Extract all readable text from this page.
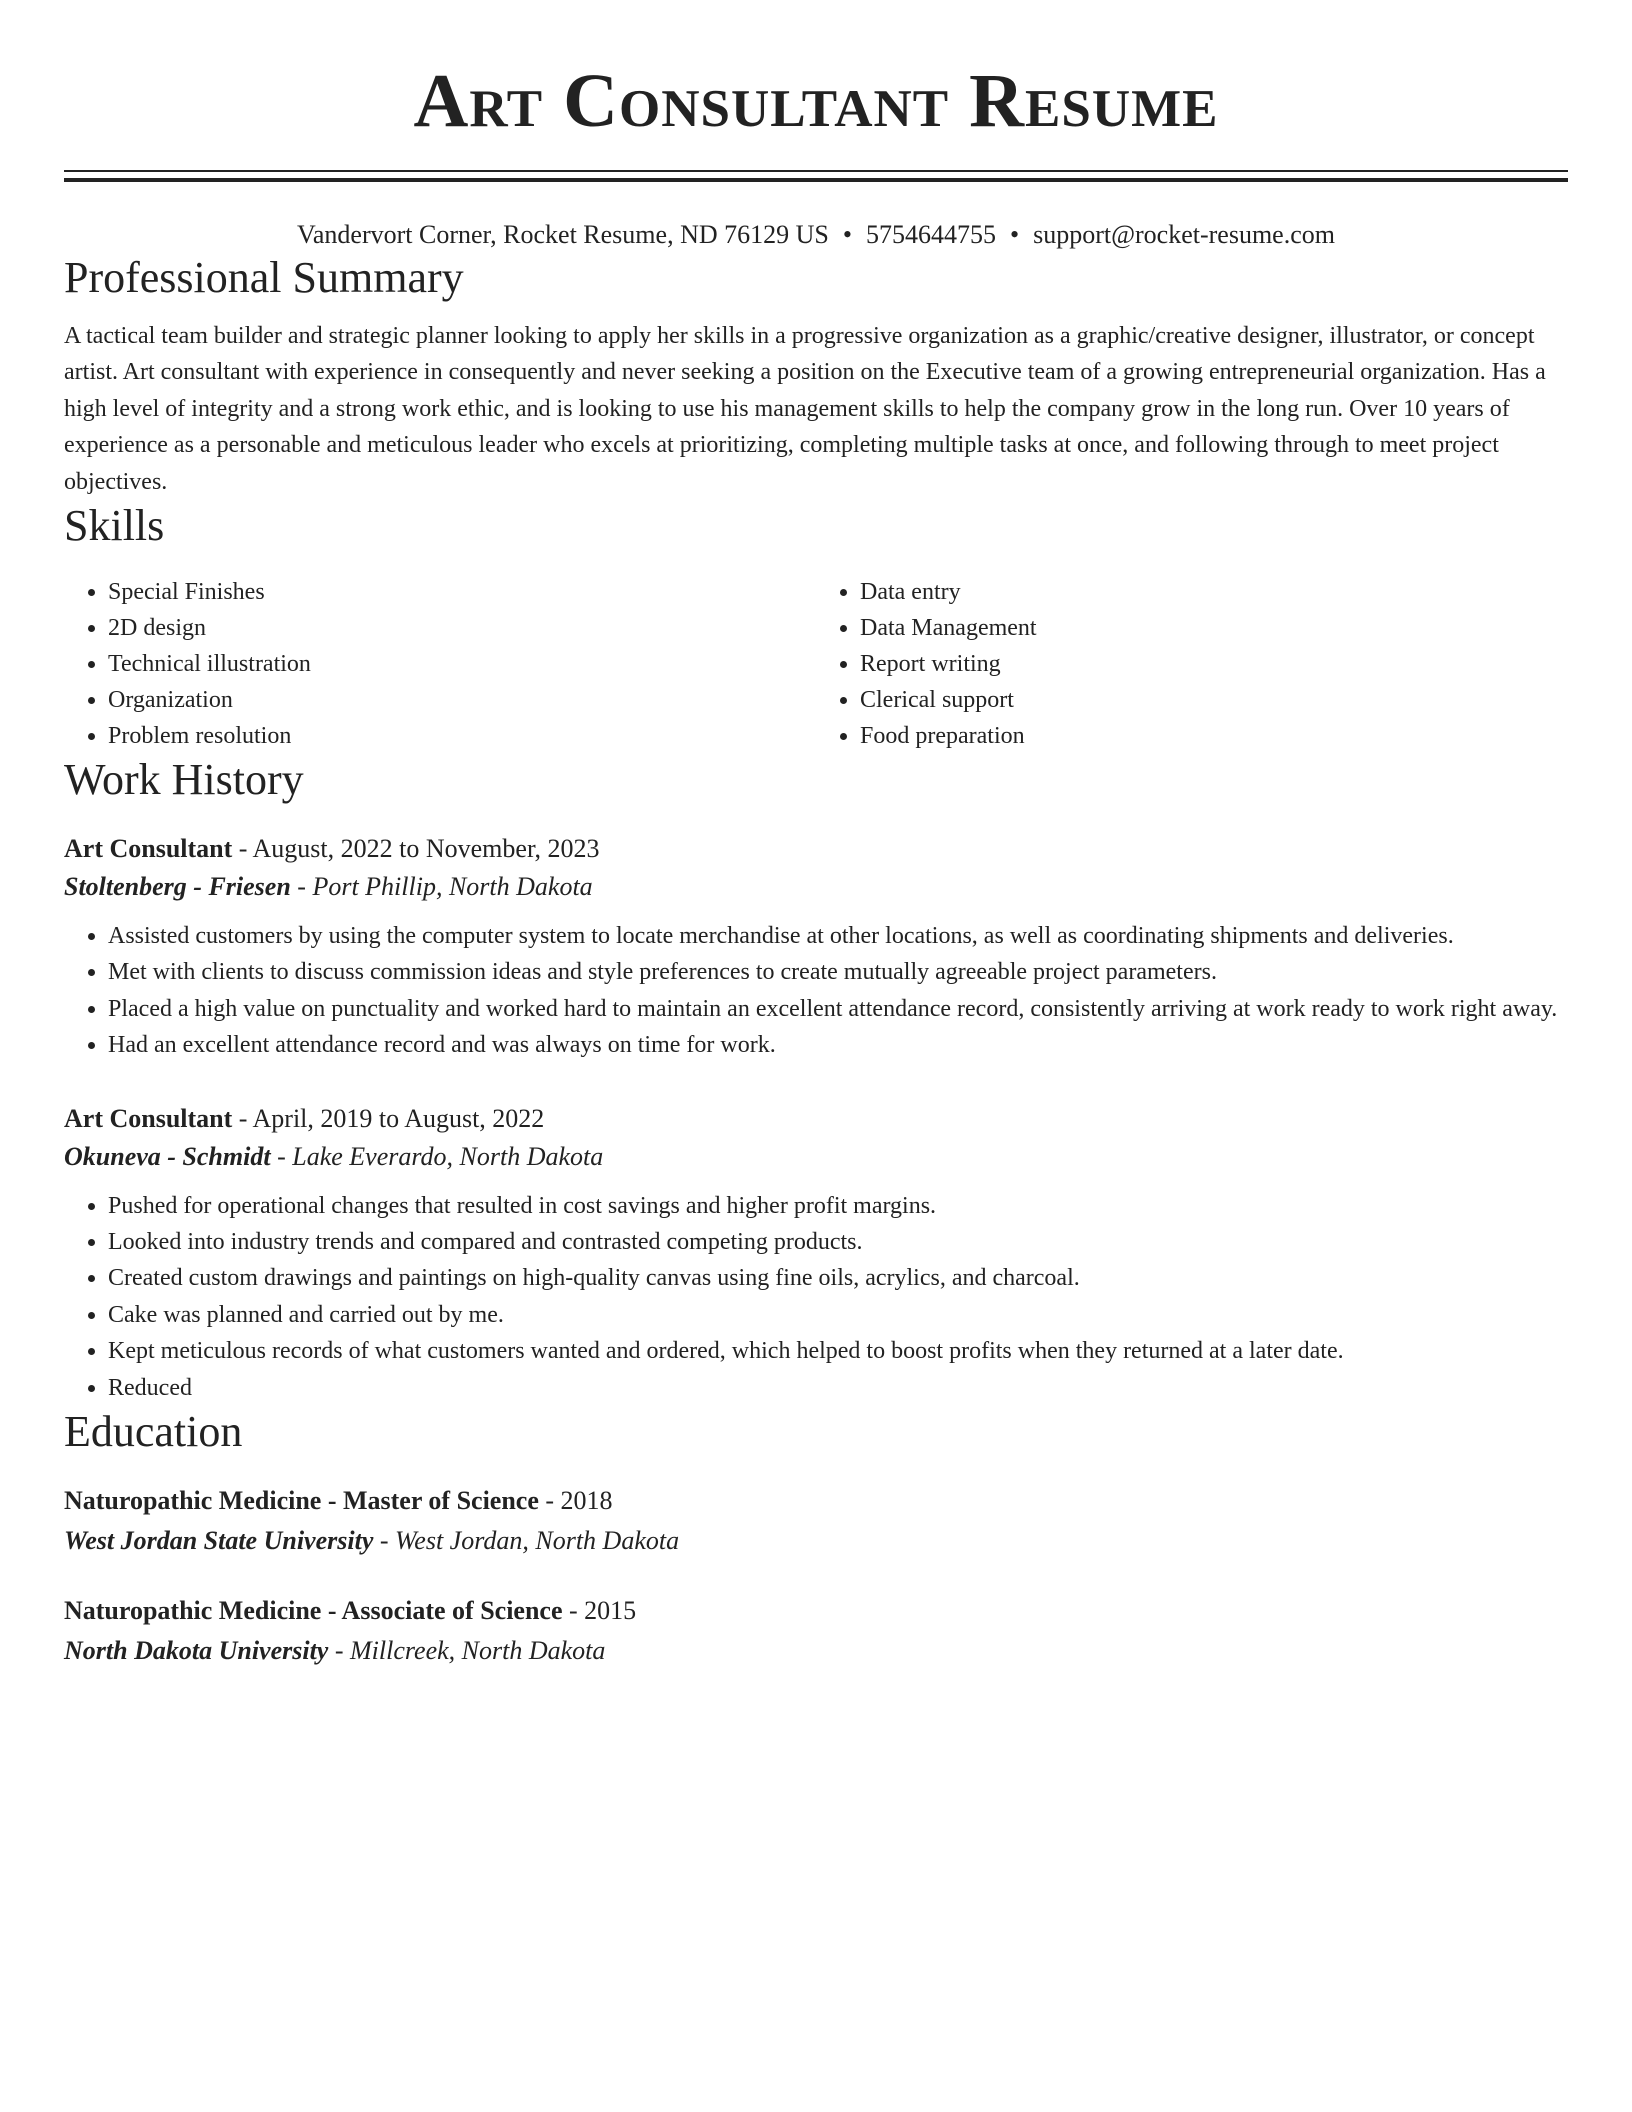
Art Consultant Resume
Vandervort Corner, Rocket Resume, ND 76129 US • 5754644755 • support@rocket-resume.com
Professional Summary
A tactical team builder and strategic planner looking to apply her skills in a progressive organization as a graphic/creative designer, illustrator, or concept artist. Art consultant with experience in consequently and never seeking a position on the Executive team of a growing entrepreneurial organization. Has a high level of integrity and a strong work ethic, and is looking to use his management skills to help the company grow in the long run. Over 10 years of experience as a personable and meticulous leader who excels at prioritizing, completing multiple tasks at once, and following through to meet project objectives.
Skills
• Special Finishes
• 2D design
• Technical illustration
• Organization
• Problem resolution
• Data entry
• Data Management
• Report writing
• Clerical support
• Food preparation
Work History
Art Consultant - August, 2022 to November, 2023
Stoltenberg - Friesen - Port Phillip, North Dakota
• Assisted customers by using the computer system to locate merchandise at other locations, as well as coordinating shipments and deliveries.
• Met with clients to discuss commission ideas and style preferences to create mutually agreeable project parameters.
• Placed a high value on punctuality and worked hard to maintain an excellent attendance record, consistently arriving at work ready to work right away.
• Had an excellent attendance record and was always on time for work.
Art Consultant - April, 2019 to August, 2022
Okuneva - Schmidt - Lake Everardo, North Dakota
• Pushed for operational changes that resulted in cost savings and higher profit margins.
• Looked into industry trends and compared and contrasted competing products.
• Created custom drawings and paintings on high-quality canvas using fine oils, acrylics, and charcoal.
• Cake was planned and carried out by me.
• Kept meticulous records of what customers wanted and ordered, which helped to boost profits when they returned at a later date.
• Reduced
Education
Naturopathic Medicine - Master of Science - 2018
West Jordan State University - West Jordan, North Dakota
Naturopathic Medicine - Associate of Science - 2015
North Dakota University - Millcreek, North Dakota
